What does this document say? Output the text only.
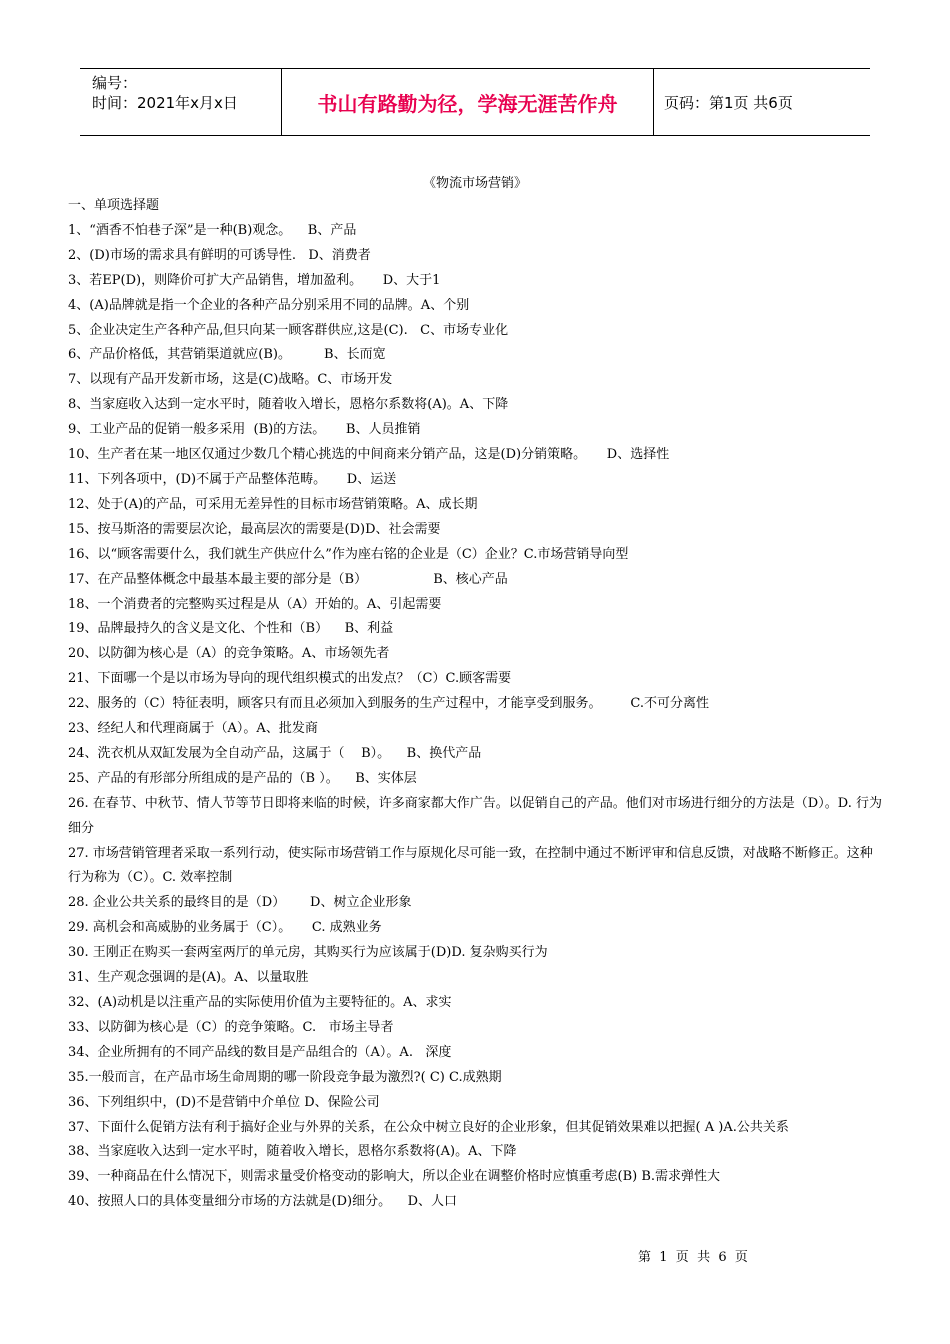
编号：
时间：2021年x月x日	书山有路勤为径，学海无涯苦作舟	页码：第1页 共6页
《物流市场营销》
一、单项选择题
1、“酒香不怕巷子深”是一种(B)观念。    B、产品
2、(D)市场的需求具有鲜明的可诱导性.   D、消费者
3、若EP(D)，则降价可扩大产品销售，增加盈利。     D、大于1
4、(A)品牌就是指一个企业的各种产品分别采用不同的品牌。A、个别
5、企业决定生产各种产品,但只向某一顾客群供应,这是(C).   C、市场专业化
6、产品价格低，其营销渠道就应(B)。        B、长而宽
7、以现有产品开发新市场，这是(C)战略。C、市场开发
8、当家庭收入达到一定水平时，随着收入增长，恩格尔系数将(A)。A、下降
9、工业产品的促销一般多采用  (B)的方法。     B、人员推销
10、生产者在某一地区仅通过少数几个精心挑选的中间商来分销产品，这是(D)分销策略。     D、选择性
11、下列各项中，(D)不属于产品整体范畴。     D、运送
12、处于(A)的产品，可采用无差异性的目标市场营销策略。A、成长期
15、按马斯洛的需要层次论，最高层次的需要是(D)D、社会需要
16、以“顾客需要什么，我们就生产供应什么”作为座右铭的企业是（C）企业？C.市场营销导向型
17、在产品整体概念中最基本最主要的部分是（B）                B、核心产品
18、一个消费者的完整购买过程是从（A）开始的。A、引起需要
19、品牌最持久的含义是文化、个性和（B）    B、利益
20、以防御为核心是（A）的竞争策略。A、市场领先者
21、下面哪一个是以市场为导向的现代组织模式的出发点？（C）C.顾客需要
22、服务的（C）特征表明，顾客只有而且必须加入到服务的生产过程中，才能享受到服务。       C.不可分离性
23、经纪人和代理商属于（A）。A、批发商
24、洗衣机从双缸发展为全自动产品，这属于（    B）。    B、换代产品
25、产品的有形部分所组成的是产品的（B ）。    B、实体层
26. 在春节、中秋节、情人节等节日即将来临的时候，许多商家都大作广告。以促销自己的产品。他们对市场进行细分的方法是（D）。D. 行为细分
27. 市场营销管理者采取一系列行动，使实际市场营销工作与原规化尽可能一致，在控制中通过不断评审和信息反馈，对战略不断修正。这种行为称为（C）。C. 效率控制
28. 企业公共关系的最终目的是（D）      D、树立企业形象
29. 高机会和高威胁的业务属于（C）。     C. 成熟业务
30. 王刚正在购买一套两室两厅的单元房，其购买行为应该属于(D)D. 复杂购买行为
31、生产观念强调的是(A)。A、以量取胜
32、(A)动机是以注重产品的实际使用价值为主要特征的。A、求实
33、以防御为核心是（C）的竞争策略。C.   市场主导者
34、企业所拥有的不同产品线的数目是产品组合的（A）。A.   深度
35.一般而言，在产品市场生命周期的哪一阶段竞争最为激烈?( C) C.成熟期
36、下列组织中，(D)不是营销中介单位 D、保险公司
37、下面什么促销方法有利于搞好企业与外界的关系，在公众中树立良好的企业形象，但其促销效果难以把握( A )A.公共关系
38、当家庭收入达到一定水平时，随着收入增长，恩格尔系数将(A)。A、下降
39、一种商品在什么情况下，则需求量受价格变动的影响大，所以企业在调整价格时应慎重考虑(B) B.需求弹性大
40、按照人口的具体变量细分市场的方法就是(D)细分。    D、人口
第  1  页  共  6  页
